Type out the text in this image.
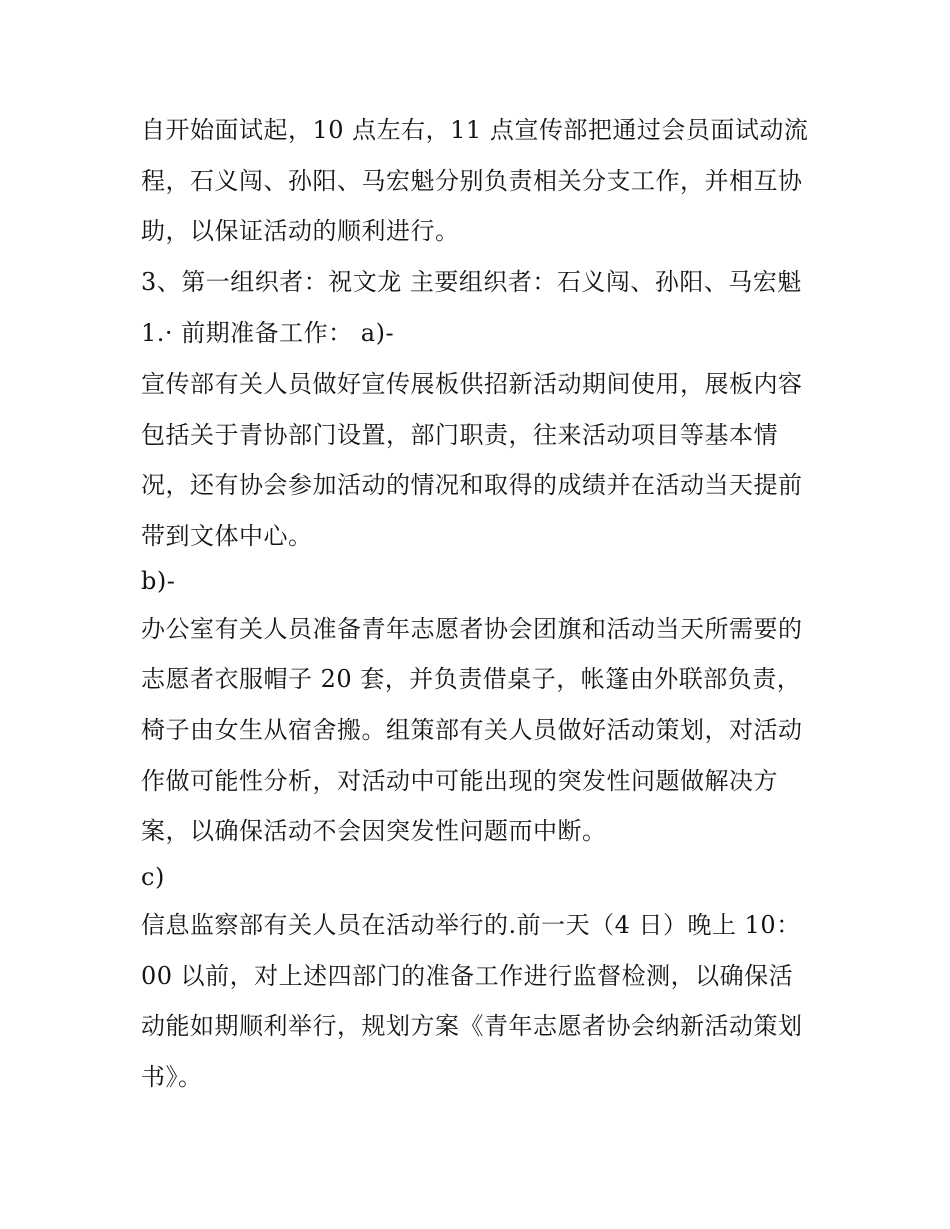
自开始面试起，10 点左右，11 点宣传部把通过会员面试动流
程，石义闯、孙阳、马宏魁分别负责相关分支工作，并相互协
助，以保证活动的顺利进行。
3、第一组织者：祝文龙 主要组织者：石义闯、孙阳、马宏魁
1.· 前期准备工作： a)-
宣传部有关人员做好宣传展板供招新活动期间使用，展板内容
包括关于青协部门设置，部门职责，往来活动项目等基本情
况，还有协会参加活动的情况和取得的成绩并在活动当天提前
带到文体中心。
b)-
办公室有关人员准备青年志愿者协会团旗和活动当天所需要的
志愿者衣服帽子 20 套，并负责借桌子，帐篷由外联部负责，
椅子由女生从宿舍搬。组策部有关人员做好活动策划，对活动
作做可能性分析，对活动中可能出现的突发性问题做解决方
案，以确保活动不会因突发性问题而中断。
c)
信息监察部有关人员在活动举行的.前一天（4 日）晚上 10：
00 以前，对上述四部门的准备工作进行监督检测，以确保活
动能如期顺利举行，规划方案《青年志愿者协会纳新活动策划
书》。
